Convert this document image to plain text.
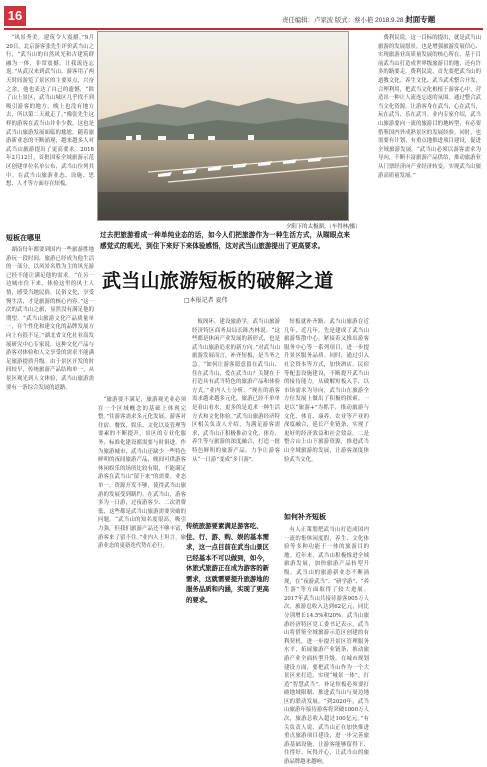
16	责任编辑：卢家波 版式：蔡小艳 2018.9.28 封面专题

“风景秀美，建筑令人震撼。”9月20日，北京游客张先生评价武当山之行，“武当山的自然风光和古建筑群融为一体，非常震撼，让我流连忘返。”从武汉来到武当山，游客用了两天时间游览了景区的主要景点，兴奋之余，他也表达了自己的遗憾，“除了山上景区，武当山城区几乎找不到吸引游客的地方，晚上也没有地方去，所以第二天就走了。”像张先生这样的游客在武当山并非少数，这也是武当山旅游发展面临的尴尬。随着旅游新业态的不断涌现，越来越多人对武当山旅游提出了更高要求。2018年2月12日，首批国家全域旅游示范区创建单位名单公布，武当山位列其中。在武当山旅游业态、设施、思想、人才等方面存在短板。

短板在哪里

湖南每年都要到国内一些旅游胜地游玩一段时间，旅游已经成为他生活的一部分，以风景名胜为主的风光游已经不能让满足他的需求。“在另一边城市住下来，体验这里的风土人情，感受当地民俗，民俗文化，享受慢生活，才是旅游的核心内容。”这一次的武当山之旅，显然没有满足他的期望。“武当山旅游文化产品质量单一，在个性化和建文化的品牌发展方向上有很不足。”湖北省文化社业高发展研究中心专家说，这种文化产品与游客对体验和人文享受的需求不能满足旅游提质升级。由于景区开发的时间较早，传统旅游产品结构单一，从景区观光到人文体验，武当山旅游需要有一条综合发展的道路。

“旅游要不满足，旅游观光业必须在一个区域概念的基础上体现完整。”住游客需求多元化发展，游客对住宿、餐饮、娱乐、文化以及管理等要素的不断提升，景区的专业化服务、标准化建设都需要与时俱进。作为旅游城市，武当山还缺少一些特色鲜明的夜间旅游产品，晚间可供游客休闲娱乐的场所比较有限，不能满足游客在武当山“留下来”的需要。业态单一、资源开发不够，使得武当山旅游的发展受到制约。在武当山，游客多为一日游，过夜游客少、二次消费低，这些都是武当山旅游需要突破的问题。“武当山的知名度很高，吸引力强，但我们旅游产品还不够丰富，游客来了留不住。”业内人士坦言，旅游业态的更新迭代势在必行。

夕阳下的太极湖。（车得林/摄）
过去把旅游看成一种单纯业态的话，如今人们把旅游作为一种生活方式，从瞄眼点来感觉式的观光，到住下来好下来体验感悟，这对武当山旅游提出了更高要求。
武当山旅游短板的破解之道
□本报记者 夏伟
传统旅游要素满足游客吃、住、行、游、购、娱的基本需求，这一点目前在武当山景区已经基本不可以做到，如今，休旅式旅游正在成为游客的新需求，这就需要提升旅游地的服务品质和内涵，实现了更高的要求。

板阁环，建设旅游学，武当山旅游经济特区商务局局长陈杰林说。“这些都是休闲产业发展的新形式，也是武当山旅游追求的新方向。”对武当山旅游发展而言，补齐短板，是当务之急。“如何让游客愿意留在武当山、住在武当山、爱在武当山？关键在于打造具有武当特色的旅游产品和体验方式。”业内人士分析。“现在的游客需求越来越多元化，旅游已经不单单是看山看水，更多的是追求一种生活方式和文化体验。”武当山旅游经济特区相关负责人介绍，为满足游客需求，武当山正积极推动文化、体育、养生等与旅游的深度融合，打造一批特色鲜明的旅游产品，力争让游客从“一日游”变成“多日游”。

短板就补齐路，武当山旅游在近几年，近几年，先是建成了武当山旅游集散中心，紧接着又推出游客服务中心等一系列项目，进一步提升景区服务品质。同时，通过引入社会资本等方式，加快酒店、民宿等配套设施建设，不断提升武当山的接待能力。从破解短板入手，以市场需求为导向，武当山在旅游全方位发展上做出了积极的探索。一是以“旅游+”为抓手，推动旅游与文化、体育、康养、农业等产业的深度融合，延长产业链条，实现了更好的经济效益和社会效益。二是整合山上山下旅游资源，推进武当山全域旅游的发展，让游客深度体验武当文化。

如何补齐短板

有人正策划把武当山打造成国内一流的集休闲度假、养生、文化体验等多种功能于一体的旅游目的地。近年来，武当山积极推进全域旅游发展，加快旅游产品转型升级，武当山的旅游新业态不断涌现，在“夜游武当”、“研学游”、“养生游”等方面取得了较大进展。2017年武当山共接待游客905万人次，旅游总收入达到62亿元，同比分别增长14.5%和20%。武当山旅游经济特区党工委书记表示，武当山将借鉴全域旅游示范区创建的有利契机，进一步提升景区管理服务水平，拓展旅游产业链条，推动旅游产业全面转型升级。在城市规划建设方面，要把武当山作为一个大景区来打造，实现“城景一体”，打造“智慧武当”。补足短板必须要打破地域限制、推进武当山与周边地区的联动发展。“到2020年，武当山旅游年接待游客将突破1000万人次，旅游总收入超过100亿元。”有关负责人说，武当山正在加快推进重点旅游项目建设，进一步完善旅游基础设施，让游客能够留得下、住得好、玩得开心，让武当山的旅游品牌越来越响。

费利民说，这一目标的提出，就是武当山旅游的发展愿景，也是增强旅游发展信心、实现旅游业高质量发展的核心所在。基于目前武当山打造成世界级旅游目的地，还有许多的路要走。费利民说，首先要把武当山的道教文化、养生文化、武当武术整合开发，合理利用，把武当文化根植于游客心中，营造出一种让人流连忘返的氛围。通过整合武当文化资源，让游客身在武当、心在武当，玩在武当、乐在武当。业内专家介绍，武当山旅游要向一流的旅游目的地转型，有必要借鉴国内外成熟景区的发展经验。同时，也需要有计划、有重点地推进项目建设，促进全域旅游发展。“武当山必须以游客需求为导向，不断丰富旅游产品供给，推动旅游业从门票经济向产业经济转变，实现武当山旅游高质量发展。”
